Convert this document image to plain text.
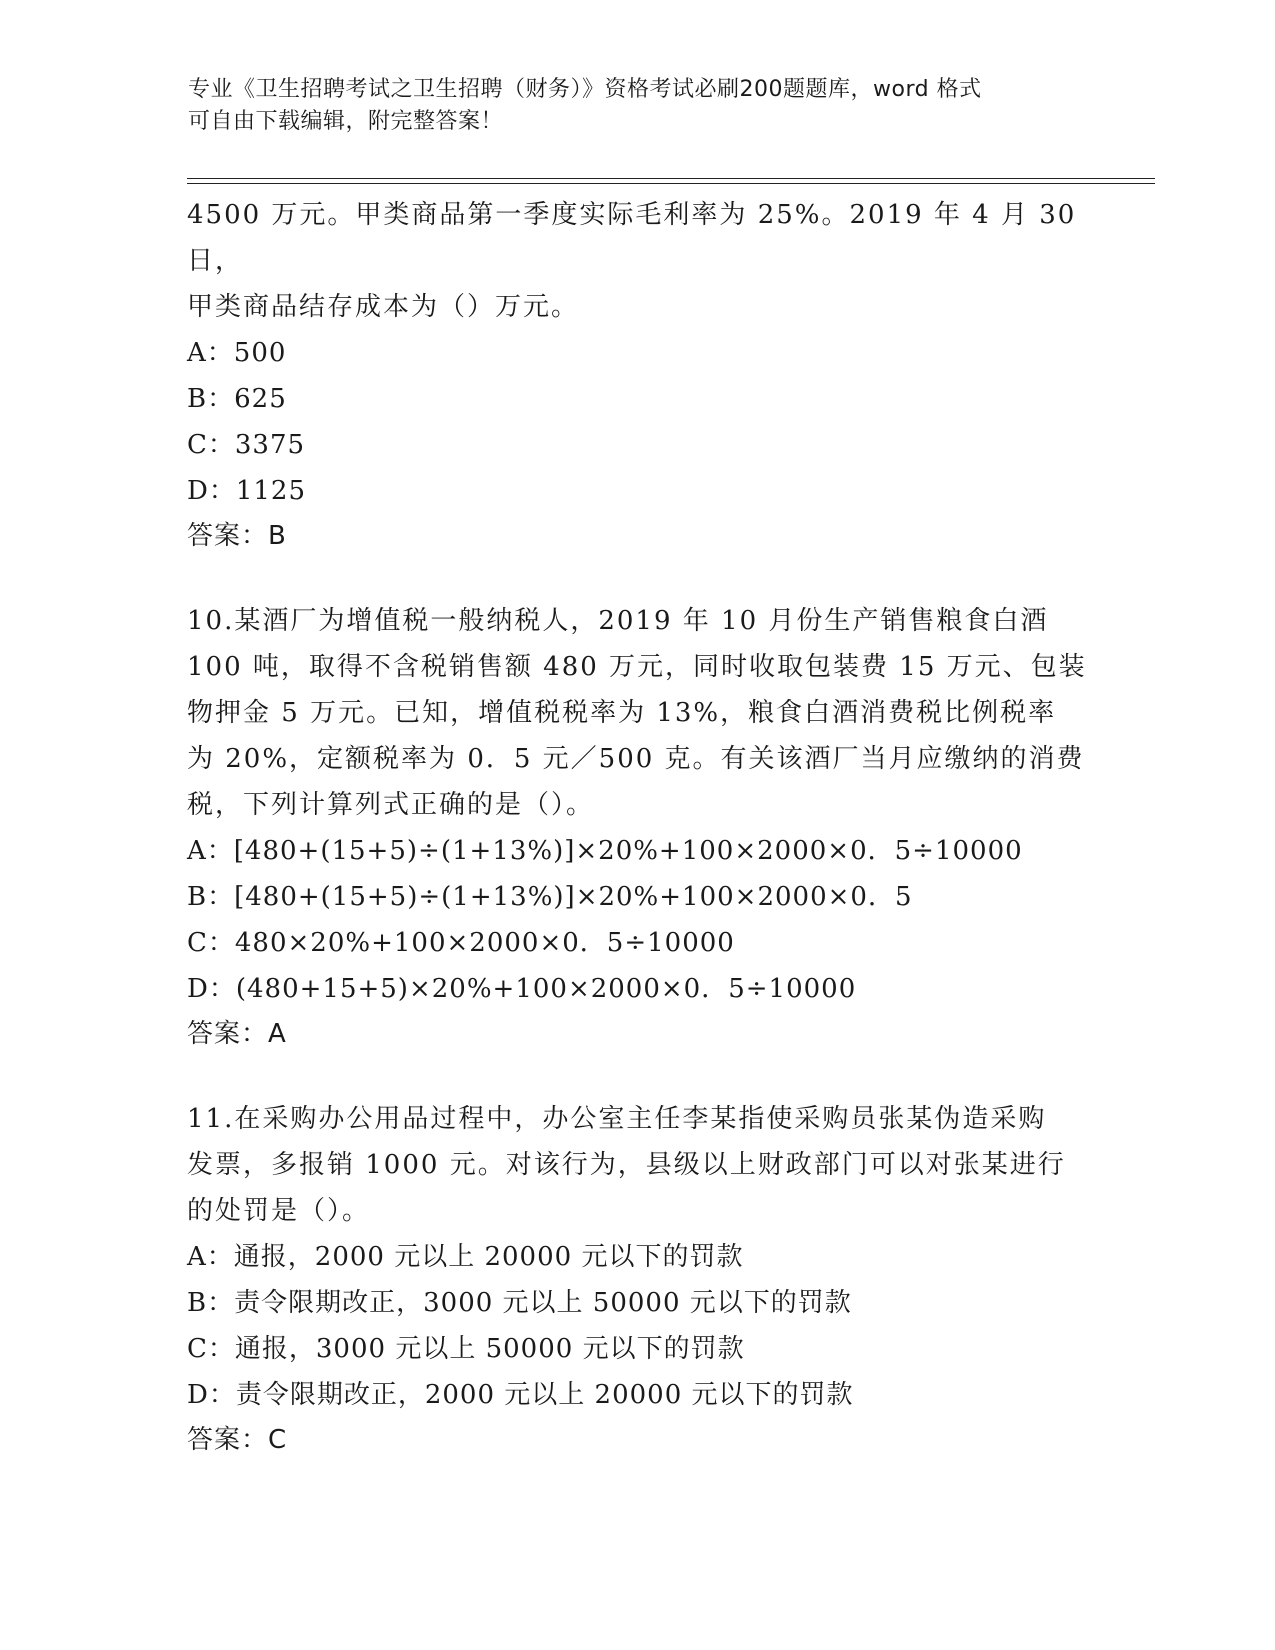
专业《卫生招聘考试之卫生招聘（财务）》资格考试必刷200题题库，word 格式
可自由下载编辑，附完整答案！
4500 万元。甲类商品第一季度实际毛利率为 25%。2019 年 4 月 30 日，
甲类商品结存成本为（）万元。
A：500
B：625
C：3375
D：1125
答案：B
10.某酒厂为增值税一般纳税人，2019 年 10 月份生产销售粮食白酒
100 吨，取得不含税销售额 480 万元，同时收取包装费 15 万元、包装
物押金 5 万元。已知，增值税税率为 13%，粮食白酒消费税比例税率
为 20%，定额税率为 0．5 元／500 克。有关该酒厂当月应缴纳的消费
税，下列计算列式正确的是（）。
A：[480+(15+5)÷(1+13%)]×20%+100×2000×0．5÷10000
B：[480+(15+5)÷(1+13%)]×20%+100×2000×0．5
C：480×20%+100×2000×0．5÷10000
D：(480+15+5)×20%+100×2000×0．5÷10000
答案：A
11.在采购办公用品过程中，办公室主任李某指使采购员张某伪造采购
发票，多报销 1000 元。对该行为，县级以上财政部门可以对张某进行
的处罚是（）。
A：通报，2000 元以上 20000 元以下的罚款
B：责令限期改正，3000 元以上 50000 元以下的罚款
C：通报，3000 元以上 50000 元以下的罚款
D：责令限期改正，2000 元以上 20000 元以下的罚款
答案：C
